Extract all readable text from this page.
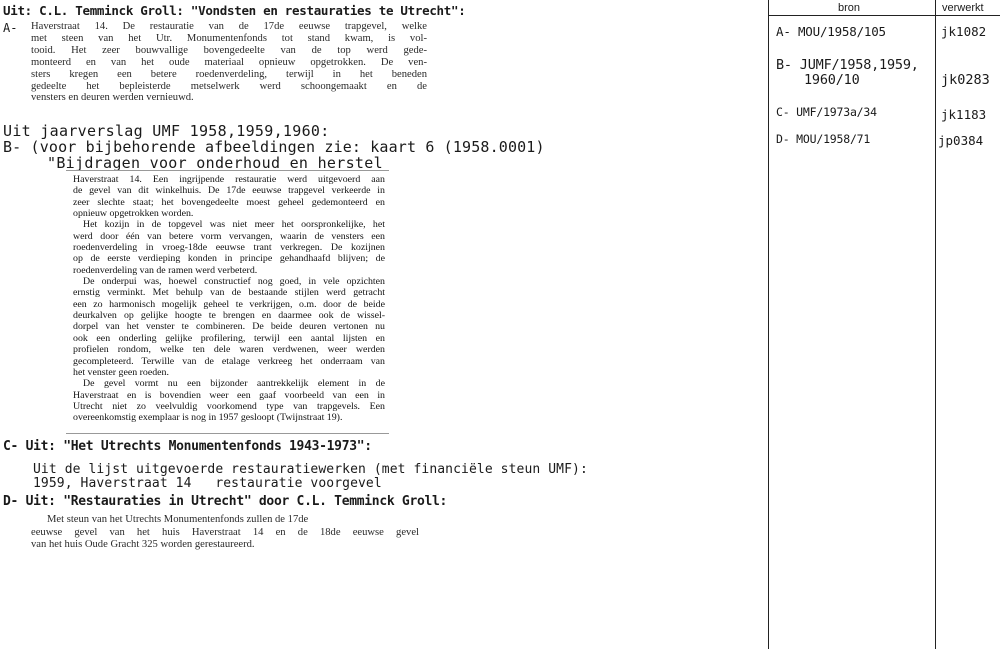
bron	verwerkt
A- MOU/1958/105	jk1082
B- JUMF/1958,1959,
1960/10	jk0283
C- UMF/1973a/34	jk1183
D- MOU/1958/71	jp0384
Uit: C.L. Temminck Groll: "Vondsten en restauraties te Utrecht":
A- Haverstraat 14. De restauratie van de 17de eeuwse trapgevel, welke
met steen van het Utr. Monumentenfonds tot stand kwam, is vol-
tooid. Het zeer bouwvallige bovengedeelte van de top werd gede-
monteerd en van het oude materiaal opnieuw opgetrokken. De ven-
sters kregen een betere roedenverdeling, terwijl in het beneden
gedeelte het bepleisterde metselwerk werd schoongemaakt en de
vensters en deuren werden vernieuwd.
Uit jaarverslag UMF 1958,1959,1960:
B- (voor bijbehorende afbeeldingen zie: kaart 6 (1958.0001)
"Bijdragen voor onderhoud en herstel
Haverstraat 14. Een ingrijpende restauratie werd uitgevoerd aan
de gevel van dit winkelhuis. De 17de eeuwse trapgevel verkeerde in
zeer slechte staat; het bovengedeelte moest geheel gedemonteerd en
opnieuw opgetrokken worden.
Het kozijn in de topgevel was niet meer het oorspronkelijke, het
werd door één van betere vorm vervangen, waarin de vensters een
roedenverdeling in vroeg-18de eeuwse trant verkregen. De kozijnen
op de eerste verdieping konden in principe gehandhaafd blijven; de
roedenverdeling van de ramen werd verbeterd.
De onderpui was, hoewel constructief nog goed, in vele opzichten
ernstig verminkt. Met behulp van de bestaande stijlen werd getracht
een zo harmonisch mogelijk geheel te verkrijgen, o.m. door de beide
deurkalven op gelijke hoogte te brengen en daarmee ook de wissel-
dorpel van het venster te combineren. De beide deuren vertonen nu
ook een onderling gelijke profilering, terwijl een aantal lijsten en
profielen rondom, welke ten dele waren verdwenen, weer werden
gecompleteerd. Terwille van de etalage verkreeg het onderraam van
het venster geen roeden.
De gevel vormt nu een bijzonder aantrekkelijk element in de
Haverstraat en is bovendien weer een gaaf voorbeeld van een in
Utrecht niet zo veelvuldig voorkomend type van trapgevels. Een
overeenkomstig exemplaar is nog in 1957 gesloopt (Twijnstraat 19).
C- Uit: "Het Utrechts Monumentenfonds 1943-1973":
Uit de lijst uitgevoerde restauratiewerken (met financiële steun UMF):
1959, Haverstraat 14   restauratie voorgevel
D- Uit: "Restauraties in Utrecht" door C.L. Temminck Groll:
Met steun van het Utrechts Monumentenfonds zullen de 17de
eeuwse gevel van het huis Haverstraat 14 en de 18de eeuwse gevel
van het huis Oude Gracht 325 worden gerestaureerd.
